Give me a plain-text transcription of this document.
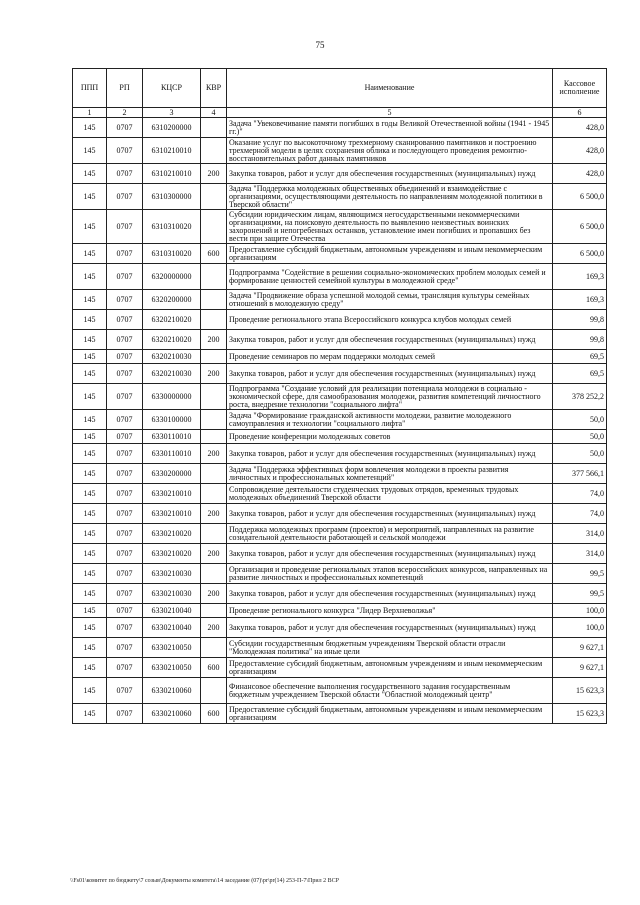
75
ППП	РП	КЦСР	КВР	Наименование	Кассовое исполнение
1	2	3	4	5	6
145	0707	6310200000		Задача "Увековечивание памяти погибших в годы Великой Отечественной войны (1941 - 1945 гг.)"	428,0
145	0707	6310210010		Оказание услуг по высокоточному трехмерному сканированию памятников и построению трехмерной модели в целях сохранения облика и последующего проведения ремонтно-восстановительных работ данных памятников	428,0
145	0707	6310210010	200	Закупка товаров, работ и услуг для обеспечения государственных (муниципальных) нужд	428,0
145	0707	6310300000		Задача "Поддержка молодежных общественных объединений и взаимодействие с организациями, осуществляющими деятельность по направлениям молодежной политики в Тверской области"	6 500,0
145	0707	6310310020		Субсидии юридическим лицам, являющимся негосударственными некоммерческими организациями, на поисковую деятельность по выявлению неизвестных воинских захоронений и непогребенных останков, установление имен погибших и пропавших без вести при защите Отечества	6 500,0
145	0707	6310310020	600	Предоставление субсидий бюджетным, автономным учреждениям и иным некоммерческим организациям	6 500,0
145	0707	6320000000		Подпрограмма "Содействие в решении социально-экономических проблем молодых семей и формирование ценностей семейной культуры в молодежной среде"	169,3
145	0707	6320200000		Задача "Продвижение образа успешной молодой семьи, трансляция культуры семейных отношений в молодежную среду"	169,3
145	0707	6320210020		Проведение регионального этапа Всероссийского конкурса клубов молодых семей	99,8
145	0707	6320210020	200	Закупка товаров, работ и услуг для обеспечения государственных (муниципальных) нужд	99,8
145	0707	6320210030		Проведение семинаров по мерам поддержки молодых семей	69,5
145	0707	6320210030	200	Закупка товаров, работ и услуг для обеспечения государственных (муниципальных) нужд	69,5
145	0707	6330000000		Подпрограмма "Создание условий для реализации потенциала молодежи в социально - экономической сфере, для самообразования молодежи, развития компетенций личностного роста, внедрение технологии "социального лифта"	378 252,2
145	0707	6330100000		Задача "Формирование гражданской активности молодежи, развитие молодежного самоуправления и технологии "социального лифта"	50,0
145	0707	6330110010		Проведение конференции молодежных советов	50,0
145	0707	6330110010	200	Закупка товаров, работ и услуг для обеспечения государственных (муниципальных) нужд	50,0
145	0707	6330200000		Задача "Поддержка эффективных форм вовлечения молодежи в проекты развития личностных и профессиональных компетенций"	377 566,1
145	0707	6330210010		Сопровождение деятельности студенческих трудовых отрядов, временных трудовых молодежных объединений Тверской области	74,0
145	0707	6330210010	200	Закупка товаров, работ и услуг для обеспечения государственных (муниципальных) нужд	74,0
145	0707	6330210020		Поддержка молодежных программ (проектов) и мероприятий, направленных на развитие созидательной деятельности работающей и сельской молодежи	314,0
145	0707	6330210020	200	Закупка товаров, работ и услуг для обеспечения государственных (муниципальных) нужд	314,0
145	0707	6330210030		Организация и проведение региональных этапов всероссийских конкурсов, направленных на развитие личностных и профессиональных компетенций	99,5
145	0707	6330210030	200	Закупка товаров, работ и услуг для обеспечения государственных (муниципальных) нужд	99,5
145	0707	6330210040		Проведение регионального конкурса "Лидер Верхневолжья"	100,0
145	0707	6330210040	200	Закупка товаров, работ и услуг для обеспечения государственных (муниципальных) нужд	100,0
145	0707	6330210050		Субсидии государственным бюджетным учреждениям Тверской области отрасли "Молодежная политика" на иные цели	9 627,1
145	0707	6330210050	600	Предоставление субсидий бюджетным, автономным учреждениям и иным некоммерческим организациям	9 627,1
145	0707	6330210060		Финансовое обеспечение выполнения государственного задания государственным бюджетным учреждением Тверской области "Областной молодежный центр"	15 623,3
145	0707	6330210060	600	Предоставление субсидий бюджетным, автономным учреждениям и иным некоммерческим организациям	15 623,3
\\Fs01\комитет по бюджету\7 созыв\Документы комитета\14 заседание (07)\pr\pr(14) 253-П-7\Прил 2 ВСР
